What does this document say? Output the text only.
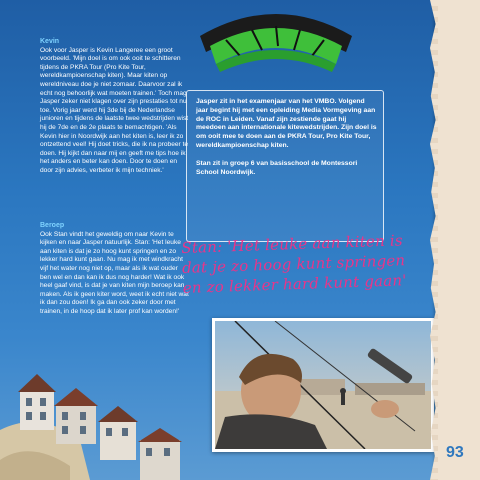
Kevin

Ook voor Jasper is Kevin Langeree een groot voorbeeld. 'Mijn doel is om ook ooit te schitteren tijdens de PKRA Tour (Pro Kite Tour, wereldkampioenschap kiten). Maar kiten op wereldniveau doe je niet zomaar. Daarvoor zal ik echt nog behoorlijk wat moeten trainen.' Toch mag Jasper zeker niet klagen over zijn prestaties tot nu toe. Vorig jaar werd hij 3de bij de Nederlandse junioren en tijdens de laatste twee wedstrijden wist hij de 7de en de 2e plaats te bemachtigen. 'Als Kevin hier in Noordwijk aan het kiten is, leer ik zo ontzettend veel! Hij doet tricks, die ik na probeer te doen. Hij kijkt dan naar mij en geeft me tips hoe ik het anders en beter kan doen. Door te doen en door zijn advies, verbeter ik mijn techniek.'

Beroep

Ook Stan vindt het geweldig om naar Kevin te kijken en naar Jasper natuurlijk. Stan: 'Het leuke aan kiten is dat je zo hoog kunt springen en zo lekker hard kunt gaan. Nu mag ik met windkracht vijf het water nog niet op, maar als ik wat ouder ben wel en dan kan ik dus nog harder! Wat ik ook heel gaaf vind, is dat je van kiten mijn beroep kan maken. Als ik geen kiter word, weet ik echt niet wat ik dan zou doen! Ik ga dan ook zeker door met trainen, in de hoop dat ik later prof kan worden!'

Jasper zit in het examenjaar van het VMBO. Volgend jaar begint hij met een opleiding Media Vormgeving aan de ROC in Leiden. Vanaf zijn zestiende gaat hij meedoen aan internationale kitewedstrijden. Zijn doel is om ooit mee te doen aan de PKRA Tour, Pro Kite Tour, wereldkampioenschap kiten.

Stan zit in groep 6 van basisschool de Montessori School Noordwijk.

Stan: 'Het leuke aan kiten is dat je zo hoog kunt springen en zo lekker hard kunt gaan'
93
